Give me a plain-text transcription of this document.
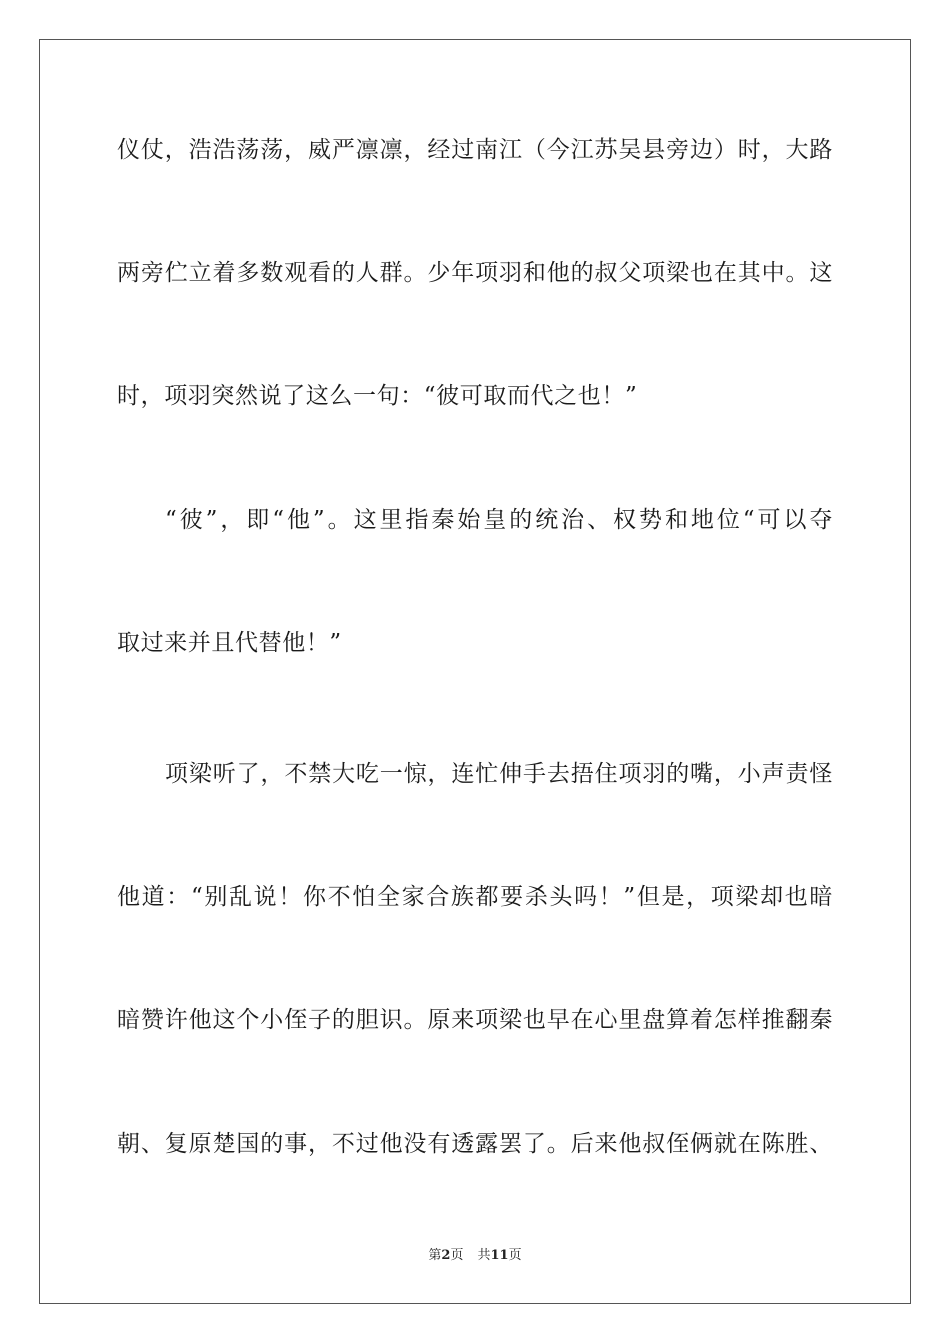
仪仗，浩浩荡荡，威严凛凛，经过南江（今江苏吴县旁边）时，大路
两旁伫立着多数观看的人群。少年项羽和他的叔父项梁也在其中。这
时，项羽突然说了这么一句：“彼可取而代之也！”
“彼”，即“他”。这里指秦始皇的统治、权势和地位“可以夺
取过来并且代替他！”
项梁听了，不禁大吃一惊，连忙伸手去捂住项羽的嘴，小声责怪
他道：“别乱说！你不怕全家合族都要杀头吗！”但是，项梁却也暗
暗赞许他这个小侄子的胆识。原来项梁也早在心里盘算着怎样推翻秦
朝、复原楚国的事，不过他没有透露罢了。后来他叔侄俩就在陈胜、
第2页 共11页
